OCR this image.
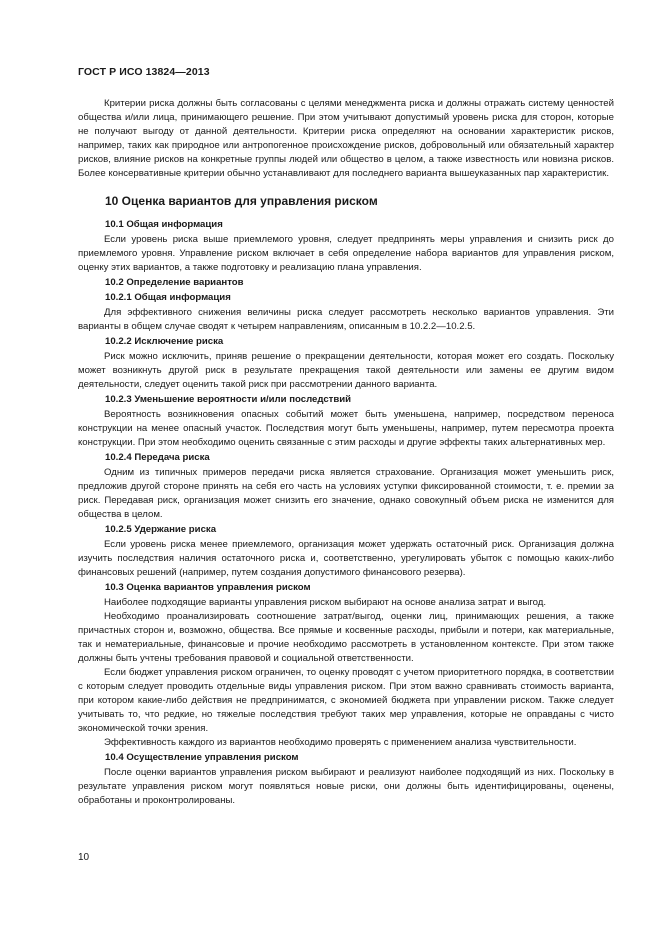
ГОСТ Р ИСО 13824—2013

Критерии риска должны быть согласованы с целями менеджмента риска и должны отражать систему ценностей общества и/или лица, принимающего решение. При этом учитывают допустимый уровень риска для сторон, которые не получают выгоду от данной деятельности. Критерии риска определяют на основании характеристик рисков, например, таких как природное или антропогенное происхождение рисков, добровольный или обязательный характер рисков, влияние рисков на конкретные группы людей или общество в целом, а также известность или новизна рисков. Более консервативные критерии обычно устанавливают для последнего варианта вышеуказанных пар характеристик.

10 Оценка вариантов для управления риском
10.1 Общая информация

Если уровень риска выше приемлемого уровня, следует предпринять меры управления и снизить риск до приемлемого уровня. Управление риском включает в себя определение набора вариантов для управления риском, оценку этих вариантов, а также подготовку и реализацию плана управления.

10.2 Определение вариантов
10.2.1 Общая информация

Для эффективного снижения величины риска следует рассмотреть несколько вариантов управления. Эти варианты в общем случае сводят к четырем направлениям, описанным в 10.2.2—10.2.5.

10.2.2 Исключение риска

Риск можно исключить, приняв решение о прекращении деятельности, которая может его создать. Поскольку может возникнуть другой риск в результате прекращения такой деятельности или замены ее другим видом деятельности, следует оценить такой риск при рассмотрении данного варианта.

10.2.3 Уменьшение вероятности и/или последствий

Вероятность возникновения опасных событий может быть уменьшена, например, посредством переноса конструкции на менее опасный участок. Последствия могут быть уменьшены, например, путем пересмотра проекта конструкции. При этом необходимо оценить связанные с этим расходы и другие эффекты таких альтернативных мер.

10.2.4 Передача риска

Одним из типичных примеров передачи риска является страхование. Организация может уменьшить риск, предложив другой стороне принять на себя его часть на условиях уступки фиксированной стоимости, т. е. премии за риск. Передавая риск, организация может снизить его значение, однако совокупный объем риска не изменится для общества в целом.

10.2.5 Удержание риска

Если уровень риска менее приемлемого, организация может удержать остаточный риск. Организация должна изучить последствия наличия остаточного риска и, соответственно, урегулировать убыток с помощью каких-либо финансовых решений (например, путем создания допустимого финансового резерва).

10.3 Оценка вариантов управления риском

Наиболее подходящие варианты управления риском выбирают на основе анализа затрат и выгод.

Необходимо проанализировать соотношение затрат/выгод, оценки лиц, принимающих решения, а также причастных сторон и, возможно, общества. Все прямые и косвенные расходы, прибыли и потери, как материальные, так и нематериальные, финансовые и прочие необходимо рассмотреть в установленном контексте. При этом также должны быть учтены требования правовой и социальной ответственности.

Если бюджет управления риском ограничен, то оценку проводят с учетом приоритетного порядка, в соответствии с которым следует проводить отдельные виды управления риском. При этом важно сравнивать стоимость варианта, при котором какие-либо действия не предприниматся, с экономией бюджета при управлении риском. Также следует учитывать то, что редкие, но тяжелые последствия требуют таких мер управления, которые не оправданы с чисто экономической точки зрения.

Эффективность каждого из вариантов необходимо проверять с применением анализа чувствительности.

10.4 Осуществление управления риском

После оценки вариантов управления риском выбирают и реализуют наиболее подходящий из них. Поскольку в результате управления риском могут появляться новые риски, они должны быть идентифицированы, оценены, обработаны и проконтролированы.

10
